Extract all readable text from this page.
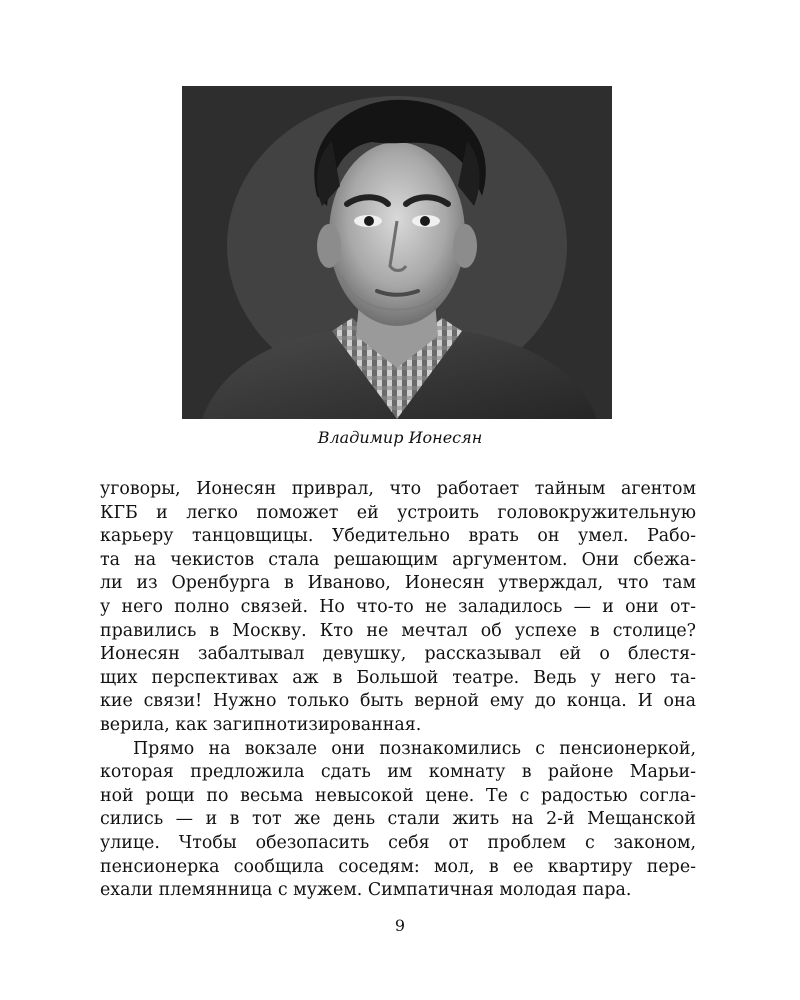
Владимир Ионесян
уговоры, Ионесян приврал, что работает тайным агентом
КГБ и легко поможет ей устроить головокружительную
карьеру танцовщицы. Убедительно врать он умел. Рабо-
та на чекистов стала решающим аргументом. Они сбежа-
ли из Оренбурга в Иваново, Ионесян утверждал, что там
у него полно связей. Но что-то не заладилось — и они от-
правились в Москву. Кто не мечтал об успехе в столице?
Ионесян забалтывал девушку, рассказывал ей о блестя-
щих перспективах аж в Большой театре. Ведь у него та-
кие связи! Нужно только быть верной ему до конца. И она
верила, как загипнотизированная.
Прямо на вокзале они познакомились с пенсионеркой,
которая предложила сдать им комнату в районе Марьи-
ной рощи по весьма невысокой цене. Те с радостью согла-
сились — и в тот же день стали жить на 2-й Мещанской
улице. Чтобы обезопасить себя от проблем с законом,
пенсионерка сообщила соседям: мол, в ее квартиру пере-
ехали племянница с мужем. Симпатичная молодая пара.
9
